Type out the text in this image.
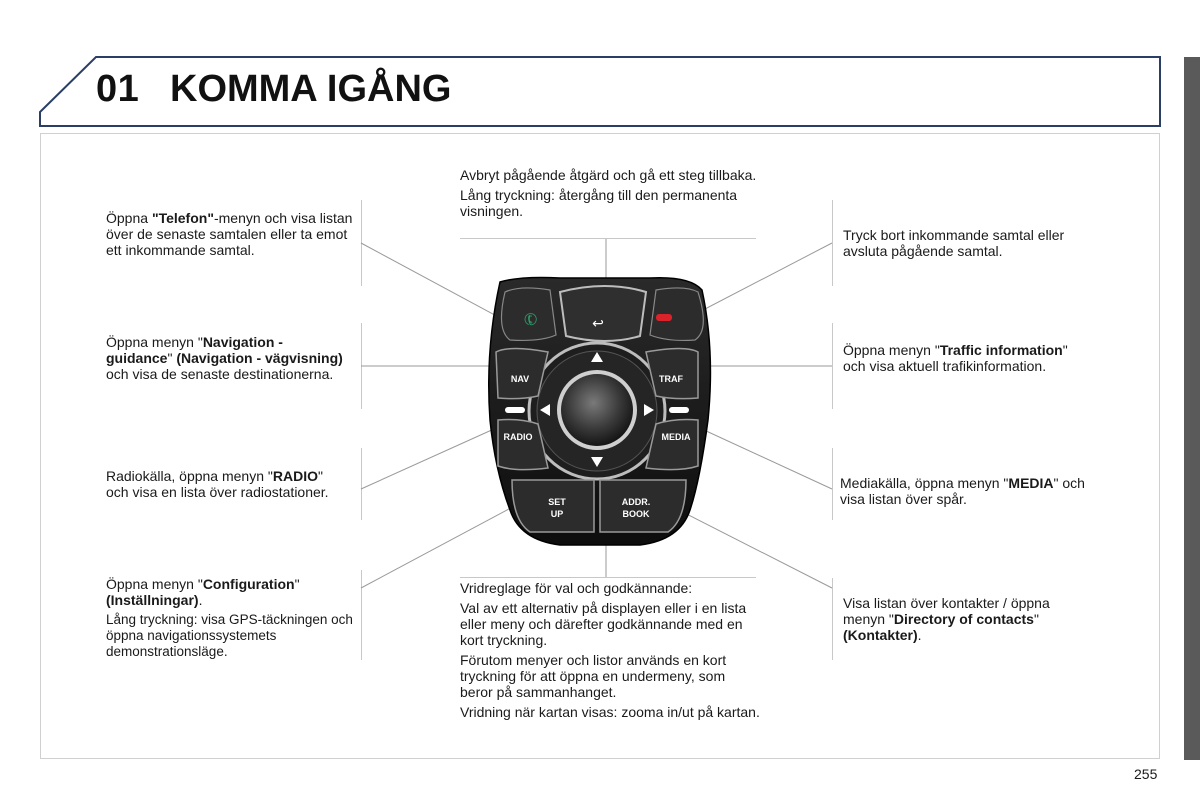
01 KOMMA IGÅNG
✆	↩
NAV	TRAF
RADIO	MEDIA
SET
UP
ADDR.
BOOK
Öppna "Telefon"-menyn och visa listan över de senaste samtalen eller ta emot ett inkommande samtal.
Öppna menyn "Navigation - guidance" (Navigation - vägvisning) och visa de senaste destinationerna.
Radiokälla, öppna menyn "RADIO" och visa en lista över radiostationer.

Öppna menyn "Configuration" (Inställningar).

Lång tryckning: visa GPS-täckningen och öppna navigationssystemets demonstrationsläge.

Avbryt pågående åtgärd och gå ett steg tillbaka.

Lång tryckning: återgång till den permanenta visningen.

Vridreglage för val och godkännande:

Val av ett alternativ på displayen eller i en lista eller meny och därefter godkännande med en kort tryckning.

Förutom menyer och listor används en kort tryckning för att öppna en undermeny, som beror på sammanhanget.

Vridning när kartan visas: zooma in/ut på kartan.

Tryck bort inkommande samtal eller avsluta pågående samtal.
Öppna menyn "Traffic information" och visa aktuell trafikinformation.
Mediakälla, öppna menyn "MEDIA" och visa listan över spår.
Visa listan över kontakter / öppna menyn "Directory of contacts" (Kontakter).
255
